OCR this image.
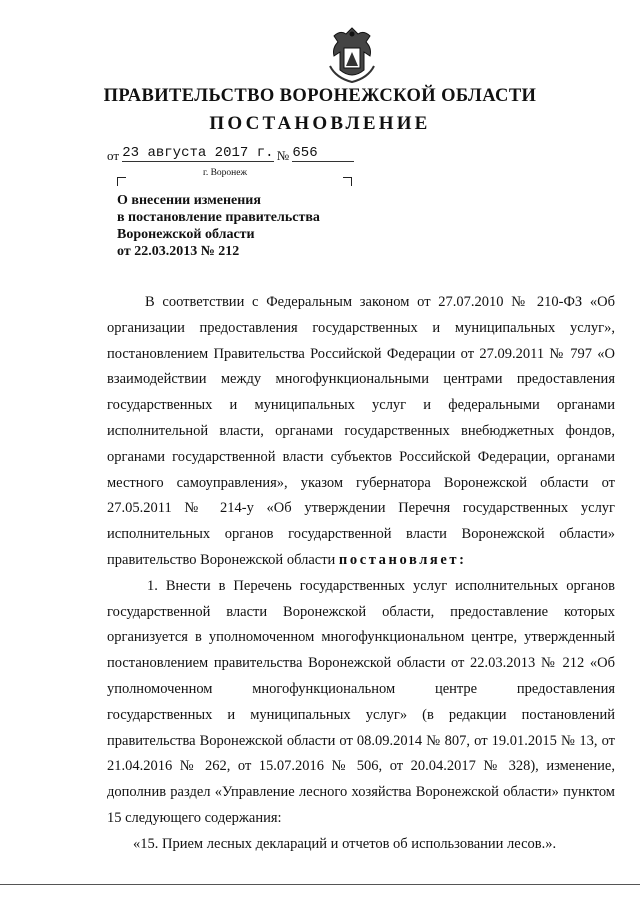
ПРАВИТЕЛЬСТВО ВОРОНЕЖСКОЙ ОБЛАСТИ
ПОСТАНОВЛЕНИЕ
от 23 августа 2017 г. № 656
г. Воронеж
О внесении изменения
в постановление правительства
Воронежской области
от 22.03.2013 № 212

В соответствии с Федеральным законом от 27.07.2010 № 210-ФЗ «Об организации предоставления государственных и муниципальных услуг», постановлением Правительства Российской Федерации от 27.09.2011 № 797 «О взаимодействии между многофункциональными центрами предоставления государственных и муниципальных услуг и федеральными органами исполнительной власти, органами государственных внебюджетных фондов, органами государственной власти субъектов Российской Федерации, органами местного самоуправления», указом губернатора Воронежской области от 27.05.2011 № 214-у «Об утверждении Перечня государственных услуг исполнительных органов государственной власти Воронежской области» правительство Воронежской области постановляет:

1. Внести в Перечень государственных услуг исполнительных органов государственной власти Воронежской области, предоставление которых организуется в уполномоченном многофункциональном центре, утвержденный постановлением правительства Воронежской области от 22.03.2013 № 212 «Об уполномоченном многофункциональном центре предоставления государственных и муниципальных услуг» (в редакции постановлений правительства Воронежской области от 08.09.2014 № 807, от 19.01.2015 № 13, от 21.04.2016 № 262, от 15.07.2016 № 506, от 20.04.2017 № 328), изменение, дополнив раздел «Управление лесного хозяйства Воронежской области» пунктом 15 следующего содержания:

«15. Прием лесных деклараций и отчетов об использовании лесов.».
